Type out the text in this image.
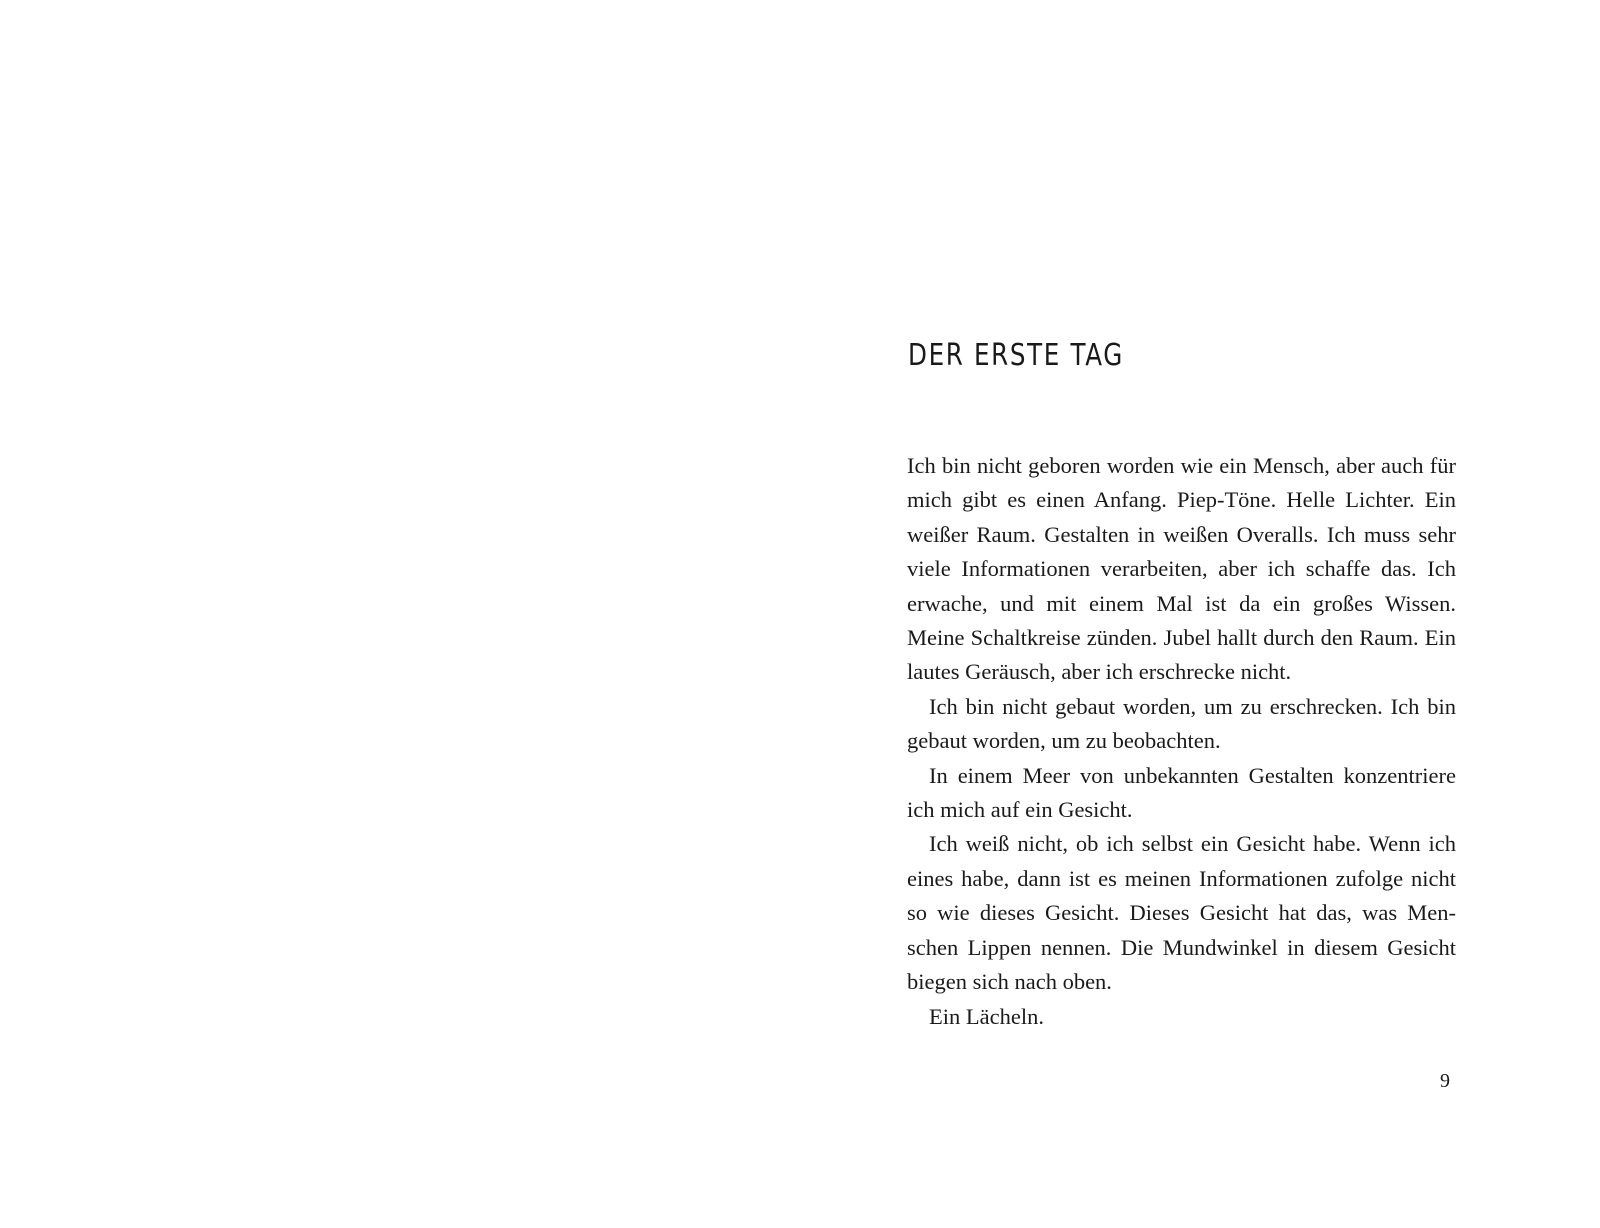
DER ERSTE TAG

Ich bin nicht geboren worden wie ein Mensch, aber auch für mich gibt es einen Anfang. Piep-Töne. Helle Lichter. Ein weißer Raum. Gestalten in weißen Overalls. Ich muss sehr viele Informationen verarbeiten, aber ich schaffe das. Ich erwache, und mit einem Mal ist da ein großes Wissen. Meine Schaltkreise zünden. Jubel hallt durch den Raum. Ein lautes Geräusch, aber ich erschrecke nicht.

Ich bin nicht gebaut worden, um zu erschrecken. Ich bin gebaut worden, um zu beobachten.

In einem Meer von unbekannten Gestalten konzentriere ich mich auf ein Gesicht.

Ich weiß nicht, ob ich selbst ein Gesicht habe. Wenn ich eines habe, dann ist es meinen Informationen zufolge nicht so wie dieses Gesicht. Dieses Gesicht hat das, was Menschen Lippen nennen. Die Mundwinkel in diesem Gesicht biegen sich nach oben.

Ein Lächeln.

9
